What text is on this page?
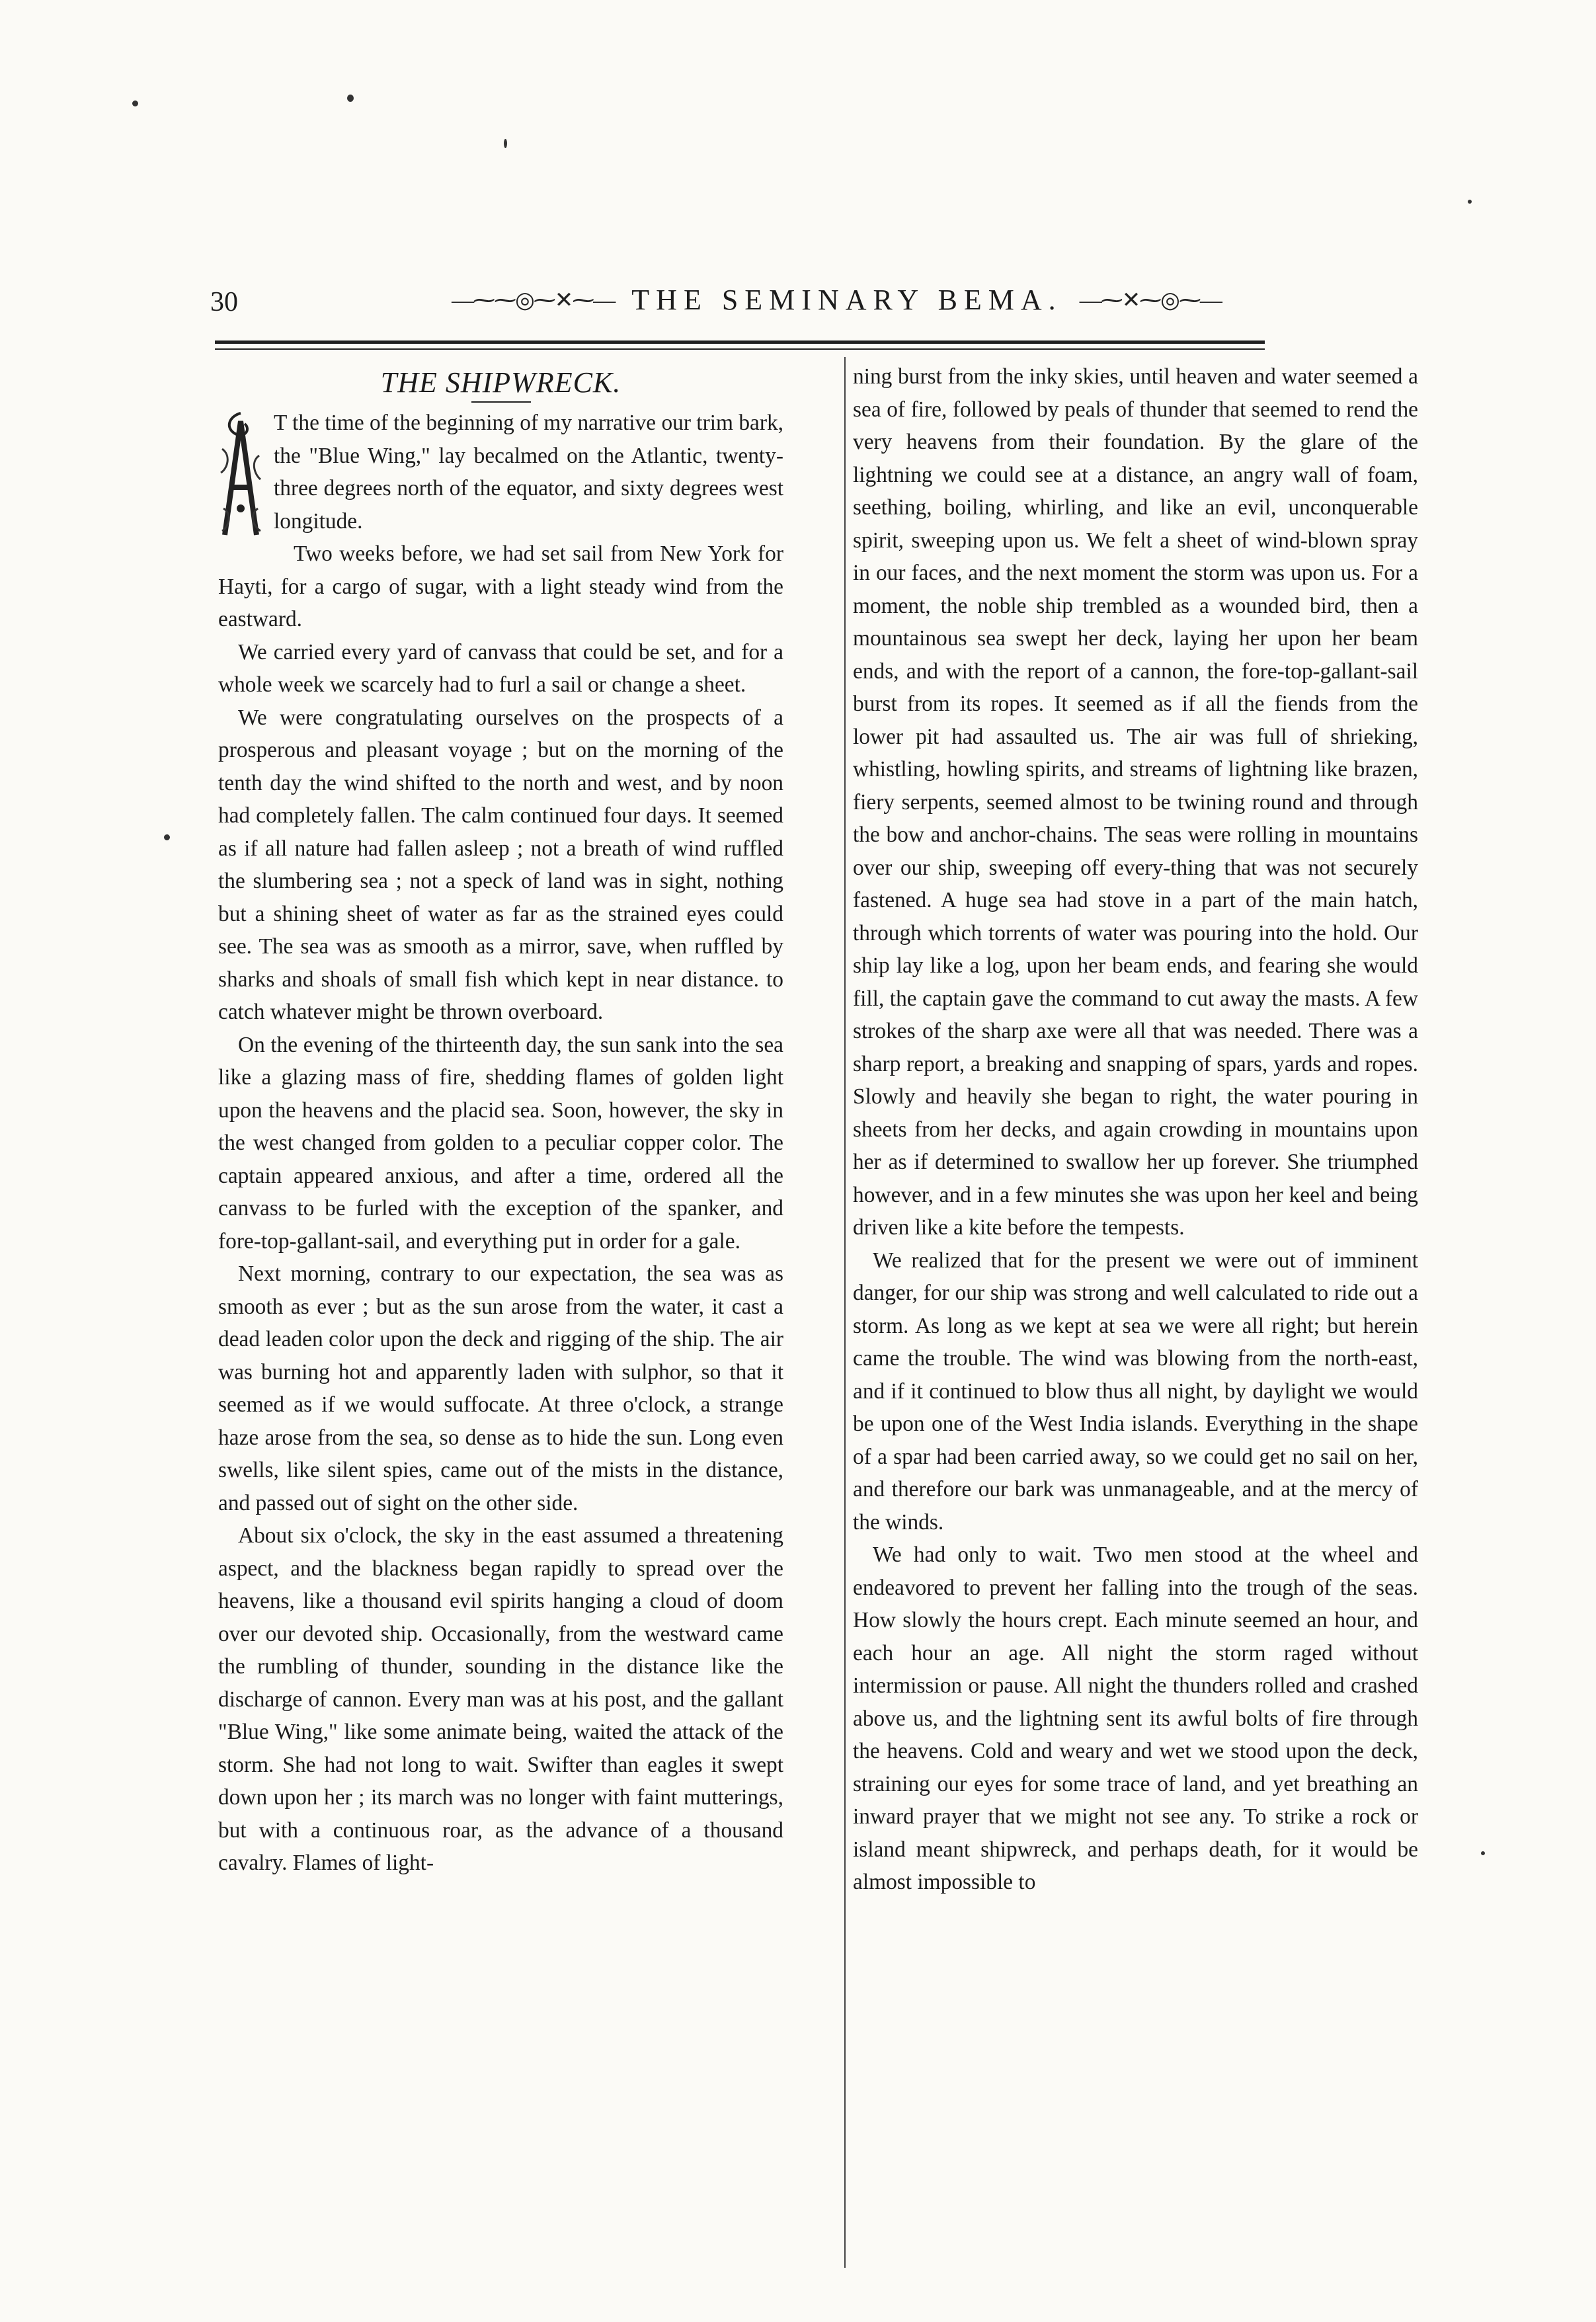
30	—⁓⁓◎⁓✕⁓— THE SEMINARY BEMA. —⁓✕⁓◎⁓—
THE SHIPWRECK.

T the time of the beginning of my narrative our trim bark, the "Blue Wing," lay becalmed on the Atlantic, twenty-three degrees north of the equator, and sixty degrees west longitude.

Two weeks before, we had set sail from New York for Hayti, for a cargo of sugar, with a light steady wind from the eastward.

We carried every yard of canvass that could be set, and for a whole week we scarcely had to furl a sail or change a sheet.

We were congratulating ourselves on the prospects of a prosperous and pleasant voyage ; but on the morning of the tenth day the wind shifted to the north and west, and by noon had completely fallen. The calm continued four days. It seemed as if all nature had fallen asleep ; not a breath of wind ruffled the slumbering sea ; not a speck of land was in sight, nothing but a shining sheet of water as far as the strained eyes could see. The sea was as smooth as a mirror, save, when ruffled by sharks and shoals of small fish which kept in near distance. to catch whatever might be thrown overboard.

On the evening of the thirteenth day, the sun sank into the sea like a glazing mass of fire, shedding flames of golden light upon the heavens and the placid sea. Soon, however, the sky in the west changed from golden to a peculiar copper color. The captain appeared anxious, and after a time, ordered all the canvass to be furled with the exception of the spanker, and fore-top-gallant-sail, and everything put in order for a gale.

Next morning, contrary to our expectation, the sea was as smooth as ever ; but as the sun arose from the water, it cast a dead leaden color upon the deck and rigging of the ship. The air was burning hot and apparently laden with sulphor, so that it seemed as if we would suffocate. At three o'clock, a strange haze arose from the sea, so dense as to hide the sun. Long even swells, like silent spies, came out of the mists in the distance, and passed out of sight on the other side.

About six o'clock, the sky in the east assumed a threatening aspect, and the blackness began rapidly to spread over the heavens, like a thousand evil spirits hanging a cloud of doom over our devoted ship. Occasionally, from the westward came the rumbling of thunder, sounding in the distance like the discharge of cannon. Every man was at his post, and the gallant "Blue Wing," like some animate being, waited the attack of the storm. She had not long to wait. Swifter than eagles it swept down upon her ; its march was no longer with faint mutterings, but with a continuous roar, as the advance of a thousand cavalry. Flames of light-

ning burst from the inky skies, until heaven and water seemed a sea of fire, followed by peals of thunder that seemed to rend the very heavens from their foundation. By the glare of the lightning we could see at a distance, an angry wall of foam, seething, boiling, whirling, and like an evil, unconquerable spirit, sweeping upon us. We felt a sheet of wind-blown spray in our faces, and the next moment the storm was upon us. For a moment, the noble ship trembled as a wounded bird, then a mountainous sea swept her deck, laying her upon her beam ends, and with the report of a cannon, the fore-top-gallant-sail burst from its ropes. It seemed as if all the fiends from the lower pit had assaulted us. The air was full of shrieking, whistling, howling spirits, and streams of lightning like brazen, fiery serpents, seemed almost to be twining round and through the bow and anchor-chains. The seas were rolling in mountains over our ship, sweeping off every-thing that was not securely fastened. A huge sea had stove in a part of the main hatch, through which torrents of water was pouring into the hold. Our ship lay like a log, upon her beam ends, and fearing she would fill, the captain gave the command to cut away the masts. A few strokes of the sharp axe were all that was needed. There was a sharp report, a breaking and snapping of spars, yards and ropes. Slowly and heavily she began to right, the water pouring in sheets from her decks, and again crowding in mountains upon her as if determined to swallow her up forever. She triumphed however, and in a few minutes she was upon her keel and being driven like a kite before the tempests.

We realized that for the present we were out of imminent danger, for our ship was strong and well calculated to ride out a storm. As long as we kept at sea we were all right; but herein came the trouble. The wind was blowing from the north-east, and if it continued to blow thus all night, by daylight we would be upon one of the West India islands. Everything in the shape of a spar had been carried away, so we could get no sail on her, and therefore our bark was unmanageable, and at the mercy of the winds.

We had only to wait. Two men stood at the wheel and endeavored to prevent her falling into the trough of the seas. How slowly the hours crept. Each minute seemed an hour, and each hour an age. All night the storm raged without intermission or pause. All night the thunders rolled and crashed above us, and the lightning sent its awful bolts of fire through the heavens. Cold and weary and wet we stood upon the deck, straining our eyes for some trace of land, and yet breathing an inward prayer that we might not see any. To strike a rock or island meant shipwreck, and perhaps death, for it would be almost impossible to
